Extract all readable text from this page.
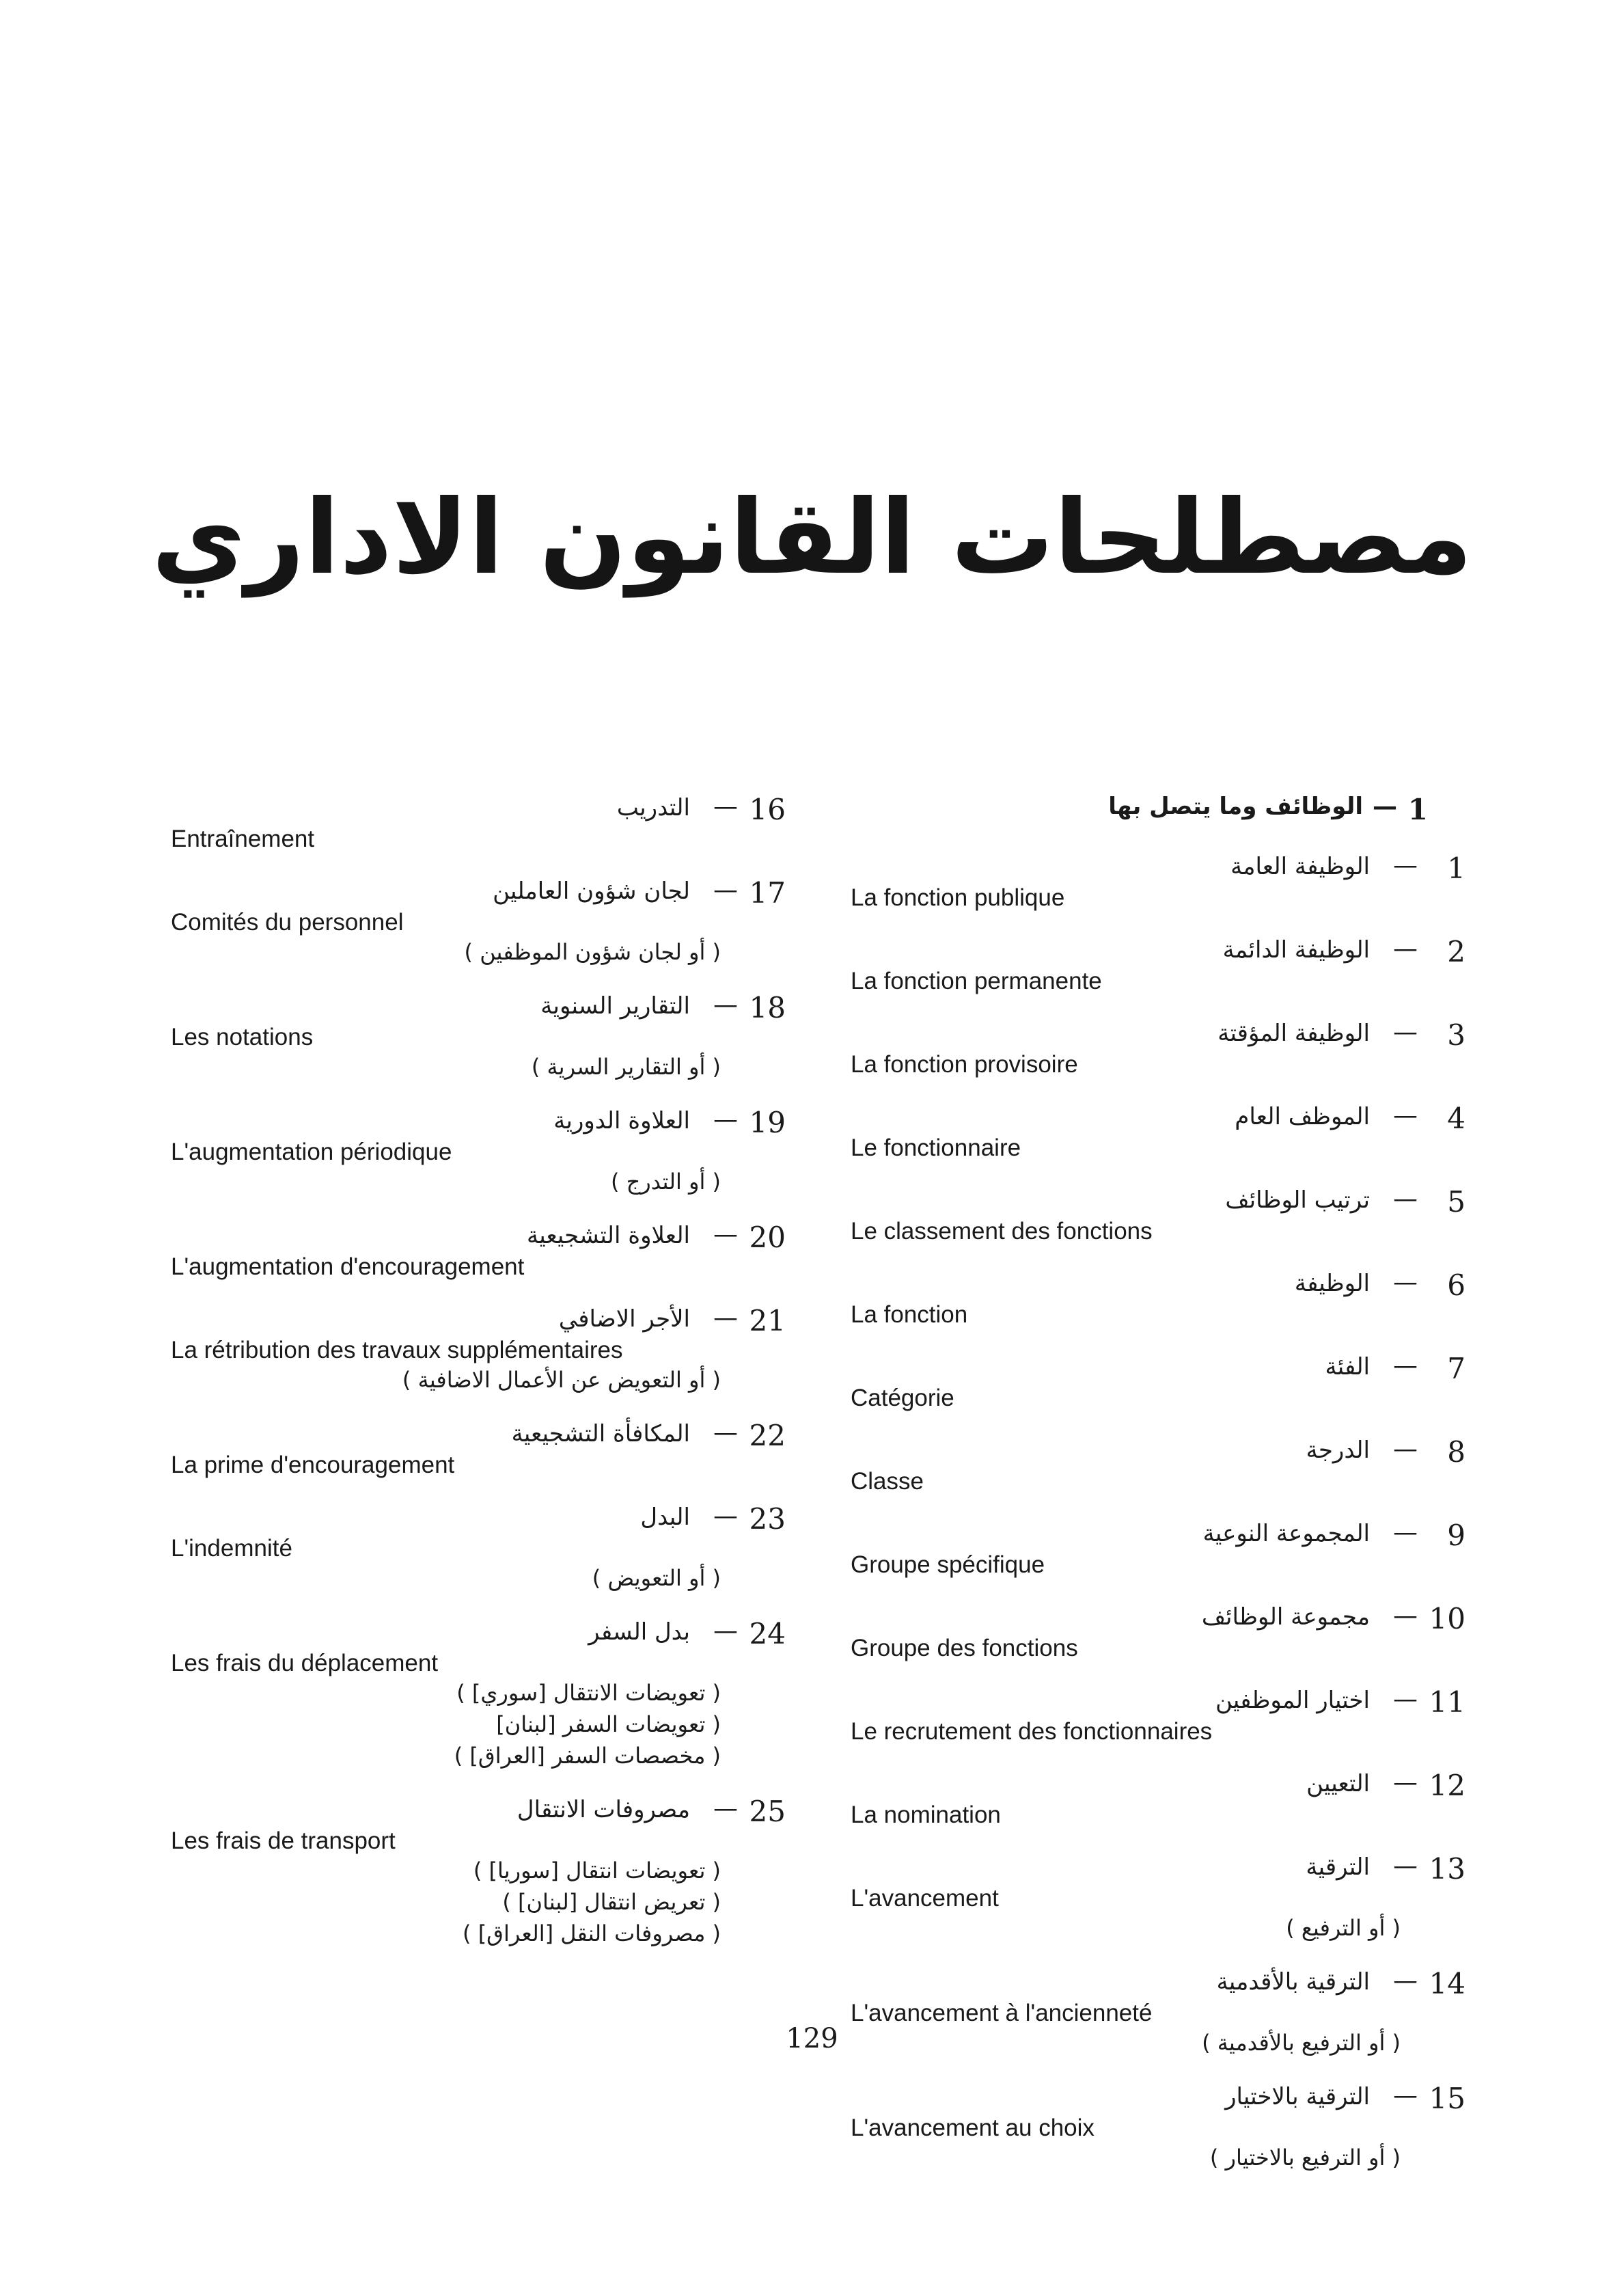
مصطلحات القانون الاداري
1
—
الوظائف وما يتصل بها
1
—
الوظيفة العامة
La fonction publique
2
—
الوظيفة الدائمة
La fonction permanente
3
—
الوظيفة المؤقتة
La fonction provisoire
4
—
الموظف العام
Le fonctionnaire
5
—
ترتيب الوظائف
Le classement des fonctions
6
—
الوظيفة
La fonction
7
—
الفئة
Catégorie
8
—
الدرجة
Classe
9
—
المجموعة النوعية
Groupe spécifique
10
—
مجموعة الوظائف
Groupe des fonctions
11
—
اختيار الموظفين
Le recrutement des fonctionnaires
12
—
التعيين
La nomination
13
—
الترقية
L'avancement
( أو الترفيع )
14
—
الترقية بالأقدمية
L'avancement à l'ancienneté
( أو الترفيع بالأقدمية )
15
—
الترقية بالاختيار
L'avancement au choix
( أو الترفيع بالاختيار )
16
—
التدريب
Entraînement
17
—
لجان شؤون العاملين
Comités du personnel
( أو لجان شؤون الموظفين )
18
—
التقارير السنوية
Les notations
( أو التقارير السرية )
19
—
العلاوة الدورية
L'augmentation périodique
( أو التدرج )
20
—
العلاوة التشجيعية
L'augmentation d'encouragement
21
—
الأجر الاضافي
La rétribution des travaux supplémentaires
( أو التعويض عن الأعمال الاضافية )
22
—
المكافأة التشجيعية
La prime d'encouragement
23
—
البدل
L'indemnité
( أو التعويض )
24
—
بدل السفر
Les frais du déplacement
( تعويضات الانتقال [سوري] )
( تعويضات السفر [لبنان]
( مخصصات السفر [العراق] )
25
—
مصروفات الانتقال
Les frais de transport
( تعويضات انتقال [سوريا] )
( تعريض انتقال [لبنان] )
( مصروفات النقل [العراق] )
129
